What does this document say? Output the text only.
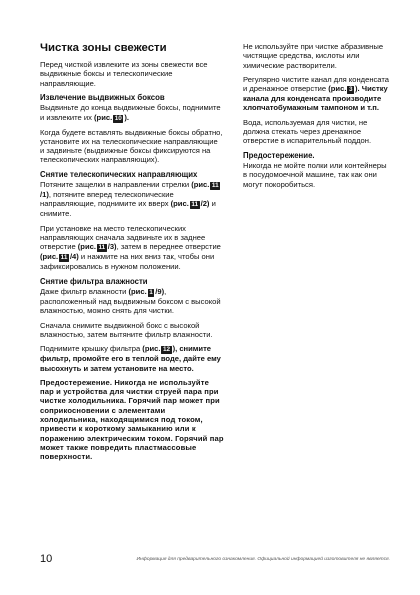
Чистка зоны свежести

Перед чисткой извлеките из зоны свежести все выдвижные боксы и телескопические направляющие.

Извлечение выдвижных боксов

Выдвиньте до конца выдвижные боксы, поднимите и извлеките их (рис. 10 ).

Когда будете вставлять выдвижные боксы обратно, установите их на телескопические направляющие и задвиньте (выдвижные боксы фиксируются на телескопических направляющих).

Снятие телескопических направляющих

Потяните защелки в направлении стрелки (рис. 11/1), потяните вперед телескопические направляющие, поднимите их вверх (рис. 11 /2) и снимите.

При установке на место телескопических направляющих сначала задвиньте их в заднее отверстие (рис. 11 /3), затем в переднее отверстие (рис. 11 /4) и нажмите на них вниз так, чтобы они зафиксировались в нужном положении.

Снятие фильтра влажности

Даже фильтр влажности (рис. 1 /9), расположенный над выдвижным боксом с высокой влажностью, можно снять для чистки.

Сначала снимите выдвижной бокс с высокой влажностью, затем вытяните фильтр влажности.

Поднимите крышку фильтра (рис. 12 ), снимите фильтр, промойте его в теплой воде, дайте ему высохнуть и затем установите на место.

Предостережение. Никогда не используйте пар и устройства для чистки струей пара при чистке холодильника. Горячий пар может при соприкосновении с элементами холодильника, находящимися под током, привести к короткому замыканию или к поражению электрическим током. Горячий пар может также повредить пластмассовые поверхности.

Не используйте при чистке абразивные чистящие средства, кислоты или химические растворители.

Регулярно чистите канал для конденсата и дренажное отверстие (рис. 3 ). Чистку канала для конденсата производите хлопчатобумажным тампоном и т.п.

Вода, используемая для чистки, не должна стекать через дренажное отверстие в испарительный поддон.

Предостережение.

Никогда не мойте полки или контейнеры в посудомоечной машине, так как они могут покоробиться.

10	Информация для предварительного ознакомления. Официальной информацией изготовителя не является.
